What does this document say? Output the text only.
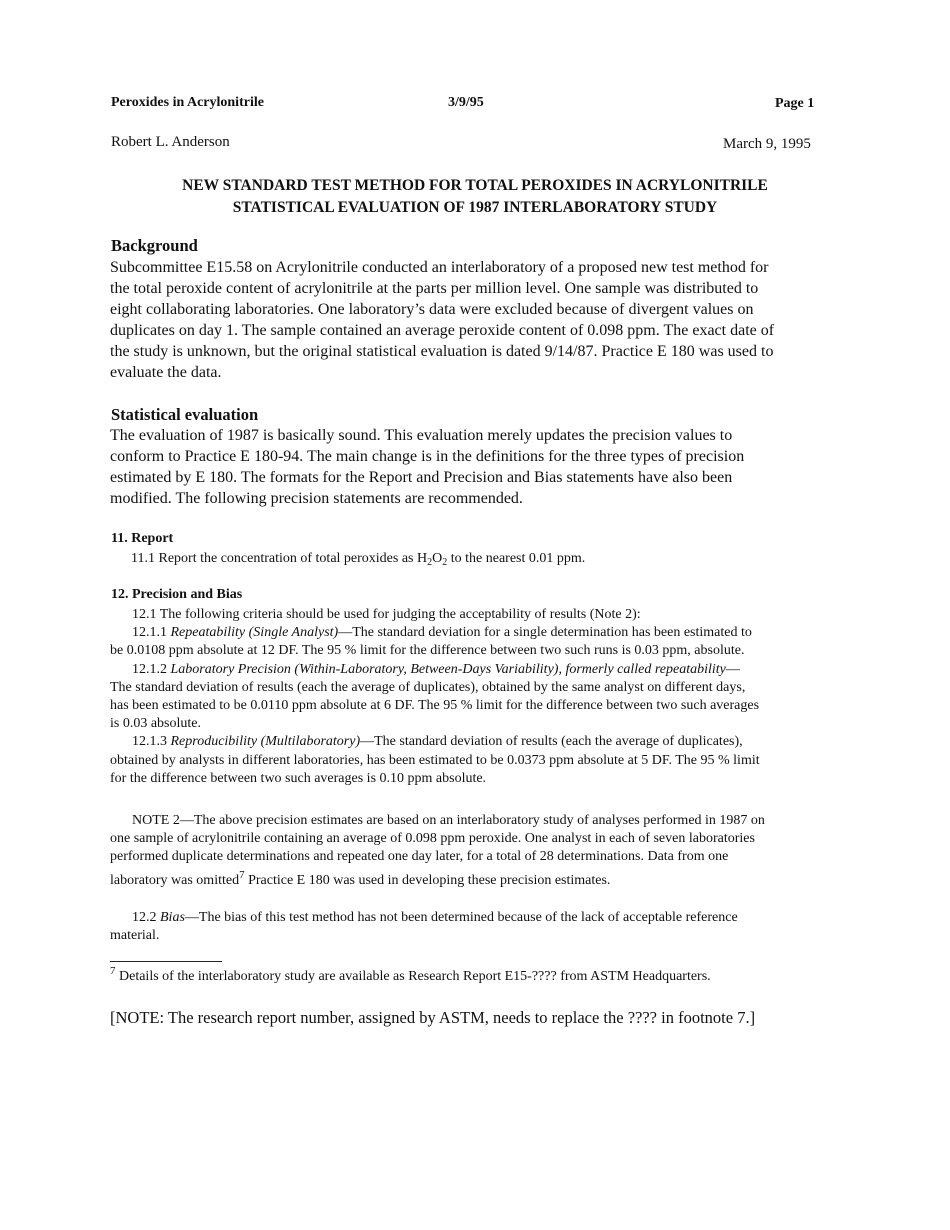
Peroxides in Acrylonitrile	3/9/95	Page 1
Robert L. Anderson	March 9, 1995
NEW STANDARD TEST METHOD FOR TOTAL PEROXIDES IN ACRYLONITRILE
STATISTICAL EVALUATION OF 1987 INTERLABORATORY STUDY
Background
Subcommittee E15.58 on Acrylonitrile conducted an interlaboratory of a proposed new test method for
the total peroxide content of acrylonitrile at the parts per million level. One sample was distributed to
eight collaborating laboratories. One laboratory’s data were excluded because of divergent values on
duplicates on day 1. The sample contained an average peroxide content of 0.098 ppm. The exact date of
the study is unknown, but the original statistical evaluation is dated 9/14/87. Practice E 180 was used to
evaluate the data.
Statistical evaluation
The evaluation of 1987 is basically sound. This evaluation merely updates the precision values to
conform to Practice E 180-94. The main change is in the definitions for the three types of precision
estimated by E 180. The formats for the Report and Precision and Bias statements have also been
modified. The following precision statements are recommended.
11. Report
11.1 Report the concentration of total peroxides as $H_2O_2$ to the nearest 0.01 ppm.
12. Precision and Bias
12.1 The following criteria should be used for judging the acceptability of results (Note 2):
12.1.1 Repeatability (Single Analyst)—The standard deviation for a single determination has been estimated to
be 0.0108 ppm absolute at 12 DF. The 95 % limit for the difference between two such runs is 0.03 ppm, absolute.
12.1.2 Laboratory Precision (Within-Laboratory, Between-Days Variability), formerly called repeatability—
The standard deviation of results (each the average of duplicates), obtained by the same analyst on different days,
has been estimated to be 0.0110 ppm absolute at 6 DF. The 95 % limit for the difference between two such averages
is 0.03 absolute.
12.1.3 Reproducibility (Multilaboratory)—The standard deviation of results (each the average of duplicates),
obtained by analysts in different laboratories, has been estimated to be 0.0373 ppm absolute at 5 DF. The 95 % limit
for the difference between two such averages is 0.10 ppm absolute.
NOTE 2—The above precision estimates are based on an interlaboratory study of analyses performed in 1987 on
one sample of acrylonitrile containing an average of 0.098 ppm peroxide. One analyst in each of seven laboratories
performed duplicate determinations and repeated one day later, for a total of 28 determinations. Data from one
laboratory was omitted$^7$ Practice E 180 was used in developing these precision estimates.
12.2 Bias—The bias of this test method has not been determined because of the lack of acceptable reference
material.
$^7$ Details of the interlaboratory study are available as Research Report E15-???? from ASTM Headquarters.
[NOTE: The research report number, assigned by ASTM, needs to replace the ???? in footnote 7.]
